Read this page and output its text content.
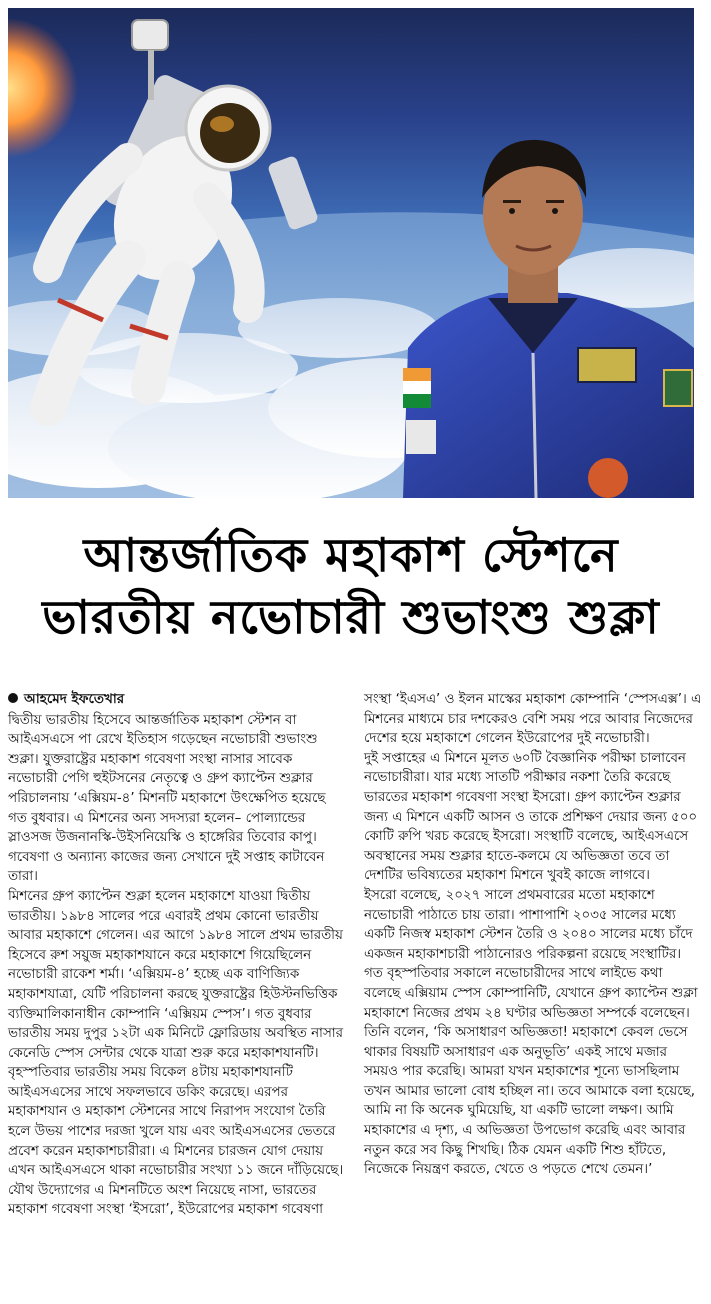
আন্তর্জাতিক মহাকাশ স্টেশনে
ভারতীয় নভোচারী শুভাংশু শুক্লা
আহমেদ ইফতেখার

দ্বিতীয় ভারতীয় হিসেবে আন্তর্জাতিক মহাকাশ স্টেশন বা আইএসএসে পা রেখে ইতিহাস গড়েছেন নভোচারী শুভাংশু শুক্লা। যুক্তরাষ্ট্রের মহাকাশ গবেষণা সংস্থা নাসার সাবেক নভোচারী পেগি হুইটসনের নেতৃত্বে ও গ্রুপ ক্যাপ্টেন শুক্লার পরিচালনায় ‘এক্সিয়ম-৪’ মিশনটি মহাকাশে উৎক্ষেপিত হয়েছে গত বুধবার। এ মিশনের অন্য সদস্যরা হলেন– পোল্যান্ডের স্লাওসজ উজনানস্কি-উইসনিয়েস্কি ও হাঙ্গেরির তিবোর কাপু। গবেষণা ও অন্যান্য কাজের জন্য সেখানে দুই সপ্তাহ কাটাবেন তারা।

মিশনের গ্রুপ ক্যাপ্টেন শুক্লা হলেন মহাকাশে যাওয়া দ্বিতীয় ভারতীয়। ১৯৮৪ সালের পরে এবারই প্রথম কোনো ভারতীয় আবার মহাকাশে গেলেন। এর আগে ১৯৮৪ সালে প্রথম ভারতীয় হিসেবে রুশ সয়ুজ মহাকাশযানে করে মহাকাশে গিয়েছিলেন নভোচারী রাকেশ শর্মা। ‘এক্সিয়ম-৪’ হচ্ছে এক বাণিজ্যিক মহাকাশযাত্রা, যেটি পরিচালনা করছে যুক্তরাষ্ট্রের হিউস্টনভিত্তিক ব্যক্তিমালিকানাধীন কোম্পানি ‘এক্সিয়ম স্পেস’। গত বুধবার ভারতীয় সময় দুপুর ১২টা এক মিনিটে ফ্লোরিডায় অবস্থিত নাসার কেনেডি স্পেস সেন্টার থেকে যাত্রা শুরু করে মহাকাশযানটি।

বৃহস্পতিবার ভারতীয় সময় বিকেল ৪টায় মহাকাশযানটি আইএসএসের সাথে সফলভাবে ডকিং করেছে। এরপর মহাকাশযান ও মহাকাশ স্টেশনের সাথে নিরাপদ সংযোগ তৈরি হলে উভয় পাশের দরজা খুলে যায় এবং আইএসএসের ভেতরে প্রবেশ করেন মহাকাশচারীরা। এ মিশনের চারজন যোগ দেয়ায় এখন আইএসএসে থাকা নভোচারীর সংখ্যা ১১ জনে দাঁড়িয়েছে। যৌথ উদ্যোগের এ মিশনটিতে অংশ নিয়েছে নাসা, ভারতের মহাকাশ গবেষণা সংস্থা ‘ইসরো’, ইউরোপের মহাকাশ গবেষণা

সংস্থা ‘ইএসএ’ ও ইলন মাস্কের মহাকাশ কোম্পানি ‘স্পেসএক্স’। এ মিশনের মাধ্যমে চার দশকেরও বেশি সময় পরে আবার নিজেদের দেশের হয়ে মহাকাশে গেলেন ইউরোপের দুই নভোচারী।

দুই সপ্তাহের এ মিশনে মূলত ৬০টি বৈজ্ঞানিক পরীক্ষা চালাবেন নভোচারীরা। যার মধ্যে সাতটি পরীক্ষার নকশা তৈরি করেছে ভারতের মহাকাশ গবেষণা সংস্থা ইসরো। গ্রুপ ক্যাপ্টেন শুক্লার জন্য এ মিশনে একটি আসন ও তাকে প্রশিক্ষণ দেয়ার জন্য ৫০০ কোটি রুপি খরচ করেছে ইসরো। সংস্থাটি বলেছে, আইএসএসে অবস্থানের সময় শুক্লার হাতে-কলমে যে অভিজ্ঞতা তবে তা দেশটির ভবিষ্যতের মহাকাশ মিশনে খুবই কাজে লাগবে।

ইসরো বলেছে, ২০২৭ সালে প্রথমবারের মতো মহাকাশে নভোচারী পাঠাতে চায় তারা। পাশাপাশি ২০৩৫ সালের মধ্যে একটি নিজস্ব মহাকাশ স্টেশন তৈরি ও ২০৪০ সালের মধ্যে চাঁদে একজন মহাকাশচারী পাঠানোরও পরিকল্পনা রয়েছে সংস্থাটির।

গত বৃহস্পতিবার সকালে নভোচারীদের সাথে লাইভে কথা বলেছে এক্সিয়াম স্পেস কোম্পানিটি, যেখানে গ্রুপ ক্যাপ্টেন শুক্লা মহাকাশে নিজের প্রথম ২৪ ঘণ্টার অভিজ্ঞতা সম্পর্কে বলেছেন। তিনি বলেন, ‘কি অসাধারণ অভিজ্ঞতা! মহাকাশে কেবল ভেসে থাকার বিষয়টি অসাধারণ এক অনুভূতি’ একই সাথে মজার সময়ও পার করেছি। আমরা যখন মহাকাশের শূন্যে ভাসছিলাম তখন আমার ভালো বোধ হচ্ছিল না। তবে আমাকে বলা হয়েছে, আমি না কি অনেক ঘুমিয়েছি, যা একটি ভালো লক্ষণ। আমি মহাকাশের এ দৃশ্য, এ অভিজ্ঞতা উপভোগ করেছি এবং আবার নতুন করে সব কিছু শিখছি। ঠিক যেমন একটি শিশু হাঁটতে, নিজেকে নিয়ন্ত্রণ করতে, খেতে ও পড়তে শেখে তেমন।’
